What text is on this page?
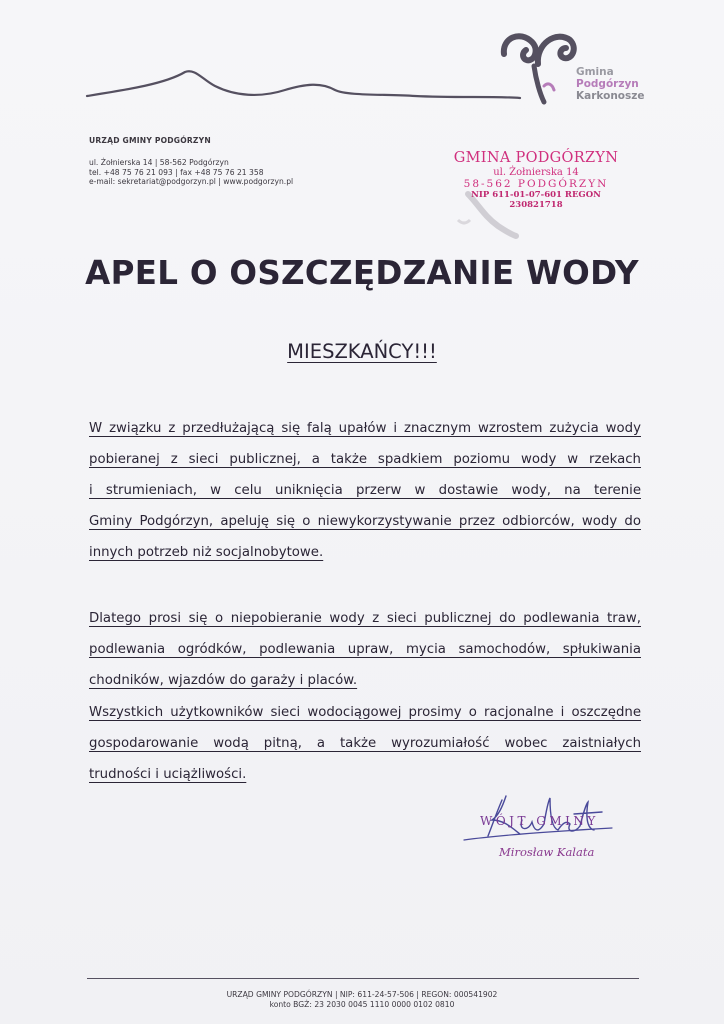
Gmina
Podgórzyn
Karkonosze
URZĄD GMINY PODGÓRZYN
ul. Żołnierska 14 | 58-562 Podgórzyn
tel. +48 75 76 21 093 | fax +48 75 76 21 358
e-mail: sekretariat@podgorzyn.pl | www.podgorzyn.pl
GMINA PODGÓRZYN
ul. Żołnierska 14
58-562 PODGÓRZYN
NIP 611-01-07-601 REGON 230821718
APEL O OSZCZĘDZANIE WODY
MIESZKAŃCY!!!
W związku z przedłużającą się falą upałów i znacznym wzrostem zużycia wody
pobieranej z sieci publicznej, a także spadkiem poziomu wody w rzekach
i strumieniach, w celu uniknięcia przerw w dostawie wody, na terenie
Gminy Podgórzyn, apeluję się o niewykorzystywanie przez odbiorców, wody do
innych potrzeb niż socjalnobytowe.
Dlatego prosi się o niepobieranie wody z sieci publicznej do podlewania traw,
podlewania ogródków, podlewania upraw, mycia samochodów, spłukiwania
chodników, wjazdów do garaży i placów.
Wszystkich użytkowników sieci wodociągowej prosimy o racjonalne i oszczędne
gospodarowanie wodą pitną, a także wyrozumiałość wobec zaistniałych
trudności i uciążliwości.
WÓJT GMINY
Mirosław Kalata
URZĄD GMINY PODGÓRZYN | NIP: 611-24-57-506 | REGON: 000541902
konto BGŻ: 23 2030 0045 1110 0000 0102 0810
